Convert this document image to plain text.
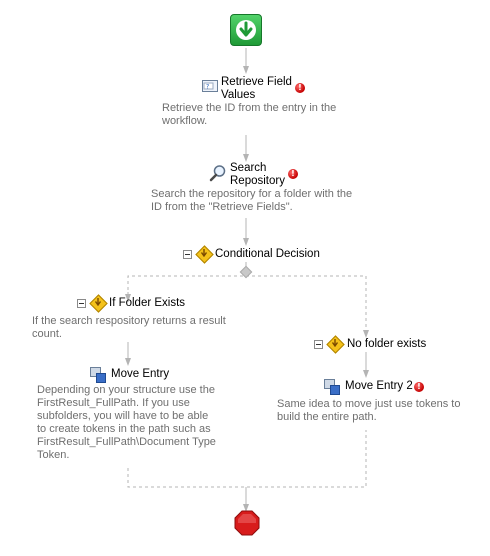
? Retrieve Field Values
!
Retrieve the ID from the entry in the workflow.
Search Repository
!
Search the repository for a folder with the ID from the "Retrieve Fields".
Conditional Decision
If Folder Exists
If the search respository returns a result count.
Move Entry
Depending on your structure use the FirstResult_FullPath. If you use subfolders, you will have to be able to create tokens in the path such as FirstResult_FullPath\Document Type Token.
No folder exists
Move Entry 2 !
Same idea to move just use tokens to build the entire path.
